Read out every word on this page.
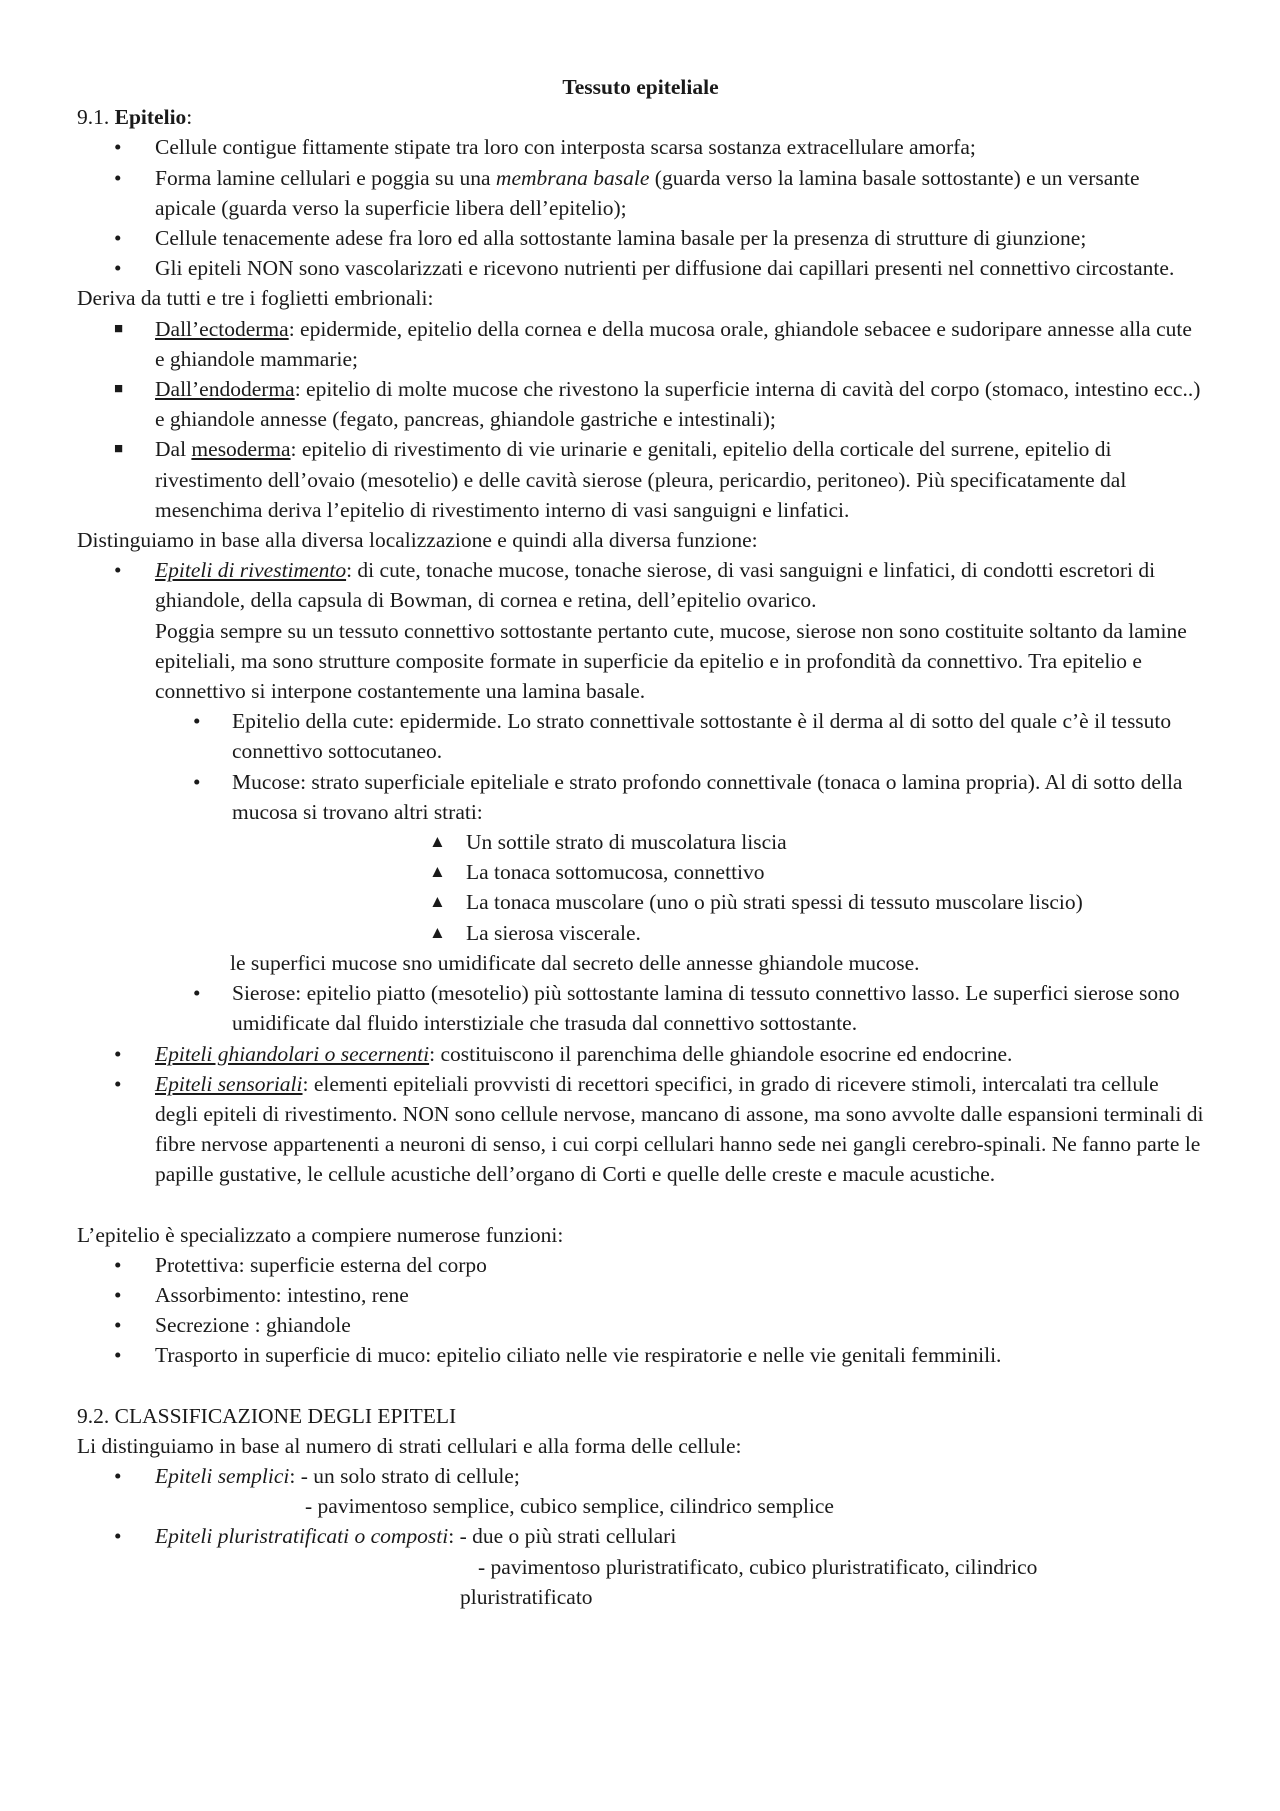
Tessuto epiteliale
9.1. Epitelio:
•	Cellule contigue fittamente stipate tra loro con interposta scarsa sostanza extracellulare amorfa;
•	Forma lamine cellulari e poggia su una membrana basale (guarda verso la lamina basale sottostante) e un versante apicale (guarda verso la superficie libera dell’epitelio);
•	Cellule tenacemente adese fra loro ed alla sottostante lamina basale per la presenza di strutture di giunzione;
•	Gli epiteli NON sono vascolarizzati e ricevono nutrienti per diffusione dai capillari presenti nel connettivo circostante.
Deriva da tutti e tre i foglietti embrionali:
■	Dall’ectoderma: epidermide, epitelio della cornea e della mucosa orale, ghiandole sebacee e sudoripare annesse alla cute e ghiandole mammarie;
■	Dall’endoderma: epitelio di molte mucose che rivestono la superficie interna di cavità del corpo (stomaco, intestino ecc..) e ghiandole annesse (fegato, pancreas, ghiandole gastriche e intestinali);
■	Dal mesoderma: epitelio di rivestimento di vie urinarie e genitali, epitelio della corticale del surrene, epitelio di rivestimento dell’ovaio (mesotelio) e delle cavità sierose (pleura, pericardio, peritoneo). Più specificatamente dal mesenchima deriva l’epitelio di rivestimento interno di vasi sanguigni e linfatici.
Distinguiamo in base alla diversa localizzazione e quindi alla diversa funzione:
•	Epiteli di rivestimento: di cute, tonache mucose, tonache sierose, di vasi sanguigni e linfatici, di condotti escretori di ghiandole, della capsula di Bowman, di cornea e retina, dell’epitelio ovarico.
Poggia sempre su un tessuto connettivo sottostante pertanto cute, mucose, sierose non sono costituite soltanto da lamine epiteliali, ma sono strutture composite formate in superficie da epitelio e in profondità da connettivo. Tra epitelio e connettivo si interpone costantemente una lamina basale.
• Epitelio della cute: epidermide. Lo strato connettivale sottostante è il derma al di sotto del quale c’è il tessuto connettivo sottocutaneo.
• Mucose: strato superficiale epiteliale e strato profondo connettivale (tonaca o lamina propria). Al di sotto della mucosa si trovano altri strati:
▲ Un sottile strato di muscolatura liscia
▲ La tonaca sottomucosa, connettivo
▲ La tonaca muscolare (uno o più strati spessi di tessuto muscolare liscio)
▲ La sierosa viscerale.
le superfici mucose sno umidificate dal secreto delle annesse ghiandole mucose.
• Sierose: epitelio piatto (mesotelio) più sottostante lamina di tessuto connettivo lasso. Le superfici sierose sono umidificate dal fluido interstiziale che trasuda dal connettivo sottostante.
•	Epiteli ghiandolari o secernenti: costituiscono il parenchima delle ghiandole esocrine ed endocrine.
•	Epiteli sensoriali: elementi epiteliali provvisti di recettori specifici, in grado di ricevere stimoli, intercalati tra cellule degli epiteli di rivestimento. NON sono cellule nervose, mancano di assone, ma sono avvolte dalle espansioni terminali di fibre nervose appartenenti a neuroni di senso, i cui corpi cellulari hanno sede nei gangli cerebro-spinali. Ne fanno parte le papille gustative, le cellule acustiche dell’organo di Corti e quelle delle creste e macule acustiche.
L’epitelio è specializzato a compiere numerose funzioni:
•	Protettiva: superficie esterna del corpo
•	Assorbimento: intestino, rene
•	Secrezione : ghiandole
•	Trasporto in superficie di muco: epitelio ciliato nelle vie respiratorie e nelle vie genitali femminili.
9.2. CLASSIFICAZIONE DEGLI EPITELI
Li distinguiamo in base al numero di strati cellulari e alla forma delle cellule:
•	Epiteli semplici: - un solo strato di cellule;
- pavimentoso semplice, cubico semplice, cilindrico semplice
•	Epiteli pluristratificati o composti: - due o più strati cellulari
- pavimentoso pluristratificato, cubico pluristratificato, cilindrico
pluristratificato
